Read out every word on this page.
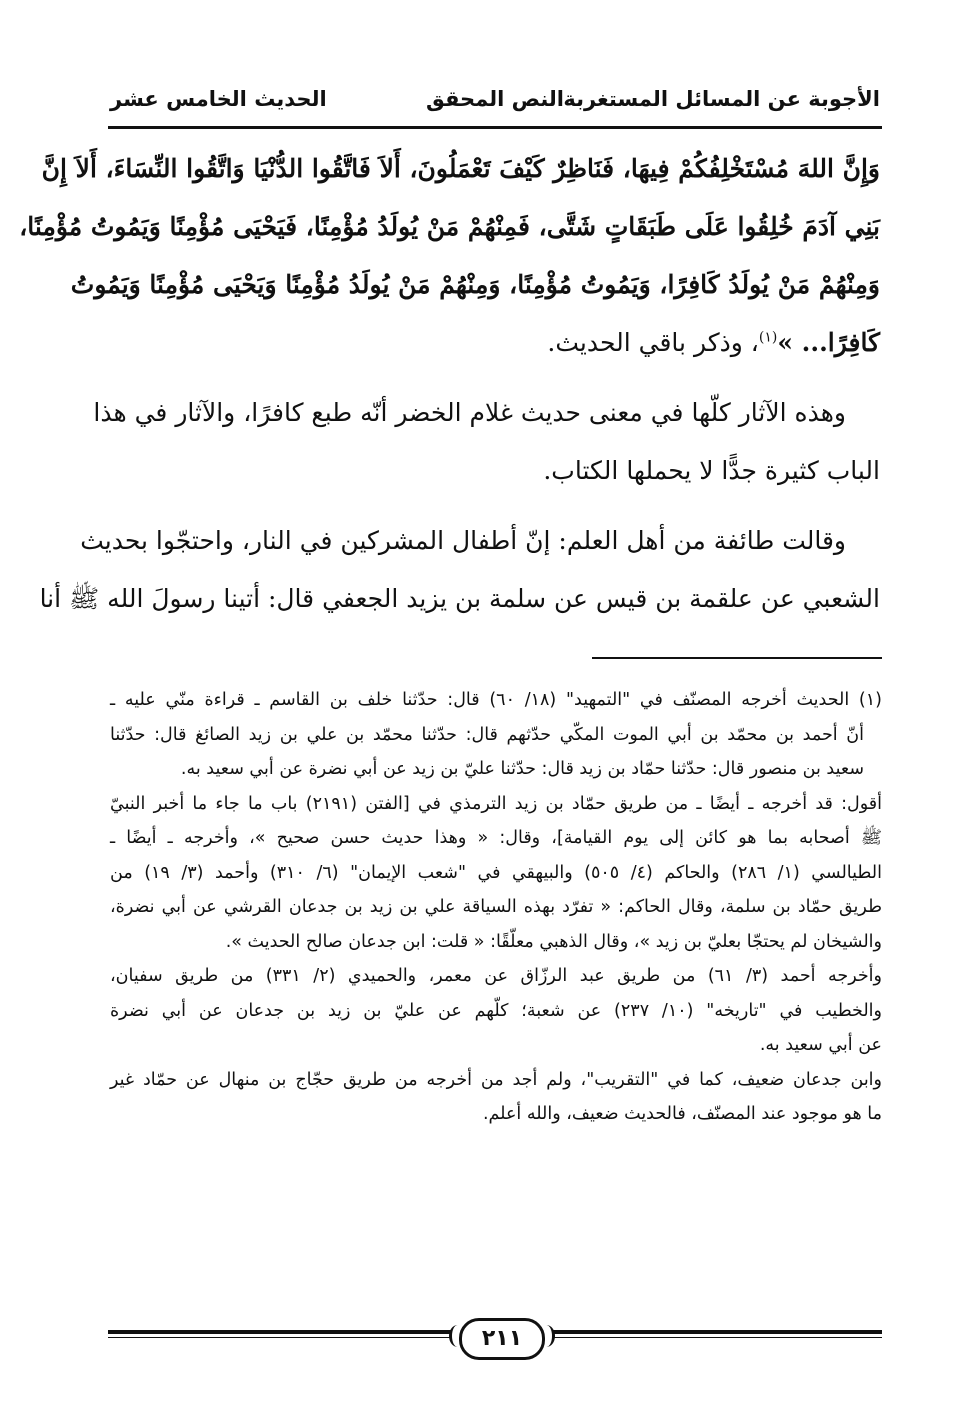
الأجوبة عن المسائل المستغربة
النص المحقق
الحديث الخامس عشر
وَإِنَّ اللهَ مُسْتَخْلِفُكُمْ فِيهَا، فَنَاظِرٌ كَيْفَ تَعْمَلُونَ، أَلاَ فَاتَّقُوا الدُّنْيَا وَاتَّقُوا النِّسَاءَ، أَلاَ إِنَّ
بَنِي آدَمَ خُلِقُوا عَلَى طَبَقَاتٍ شَتَّى، فَمِنْهُمْ مَنْ يُولَدُ مُؤْمِنًا، فَيَحْيَى مُؤْمِنًا وَيَمُوتُ مُؤْمِنًا،
وَمِنْهُمْ مَنْ يُولَدُ كَافِرًا، وَيَمُوتُ مُؤْمِنًا، وَمِنْهُمْ مَنْ يُولَدُ مُؤْمِنًا وَيَحْيَى مُؤْمِنًا وَيَمُوتُ
كَافِرًا... »$^{(١)}$، وذكر باقي الحديث.
وهذه الآثار كلّها في معنى حديث غلام الخضر أنّه طبع كافرًا، والآثار في هذا
الباب كثيرة جدًّا لا يحملها الكتاب.
وقالت طائفة من أهل العلم: إنّ أطفال المشركين في النار، واحتجّوا بحديث
الشعبي عن علقمة بن قيس عن سلمة بن يزيد الجعفي قال: أتينا رسولَ الله ﷺ أنا
(١) الحديث أخرجه المصنّف في "التمهيد" (١٨/ ٦٠) قال: حدّثنا خلف بن القاسم ـ قراءة منّي عليه ـ
أنّ أحمد بن محمّد بن أبي الموت المكّي حدّثهم قال: حدّثنا محمّد بن علي بن زيد الصائغ قال: حدّثنا
سعيد بن منصور قال: حدّثنا حمّاد بن زيد قال: حدّثنا عليّ بن زيد عن أبي نضرة عن أبي سعيد به.
أقول: قد أخرجه ـ أيضًا ـ من طريق حمّاد بن زيد الترمذي في [الفتن (٢١٩١) باب ما جاء ما أخبر النبيّ
ﷺ أصحابه بما هو كائن إلى يوم القيامة]، وقال: « وهذا حديث حسن صحيح »، وأخرجه ـ أيضًا ـ
الطيالسي (١/ ٢٨٦) والحاكم (٤/ ٥٠٥) والبيهقي في "شعب الإيمان" (٦/ ٣١٠) وأحمد (٣/ ١٩) من
طريق حمّاد بن سلمة، وقال الحاكم: « تفرّد بهذه السياقة علي بن زيد بن جدعان القرشي عن أبي نضرة،
والشيخان لم يحتجّا بعليّ بن زيد »، وقال الذهبي معلّقًا: « قلت: ابن جدعان صالح الحديث ».
وأخرجه أحمد (٣/ ٦١) من طريق عبد الرزّاق عن معمر، والحميدي (٢/ ٣٣١) من طريق سفيان،
والخطيب في "تاريخه" (١٠/ ٢٣٧) عن شعبة؛ كلّهم عن عليّ بن زيد بن جدعان عن أبي نضرة
عن أبي سعيد به.
وابن جدعان ضعيف، كما في "التقريب"، ولم أجد من أخرجه من طريق حجّاج بن منهال عن حمّاد غير
ما هو موجود عند المصنّف، فالحديث ضعيف، والله أعلم.
٢١١
